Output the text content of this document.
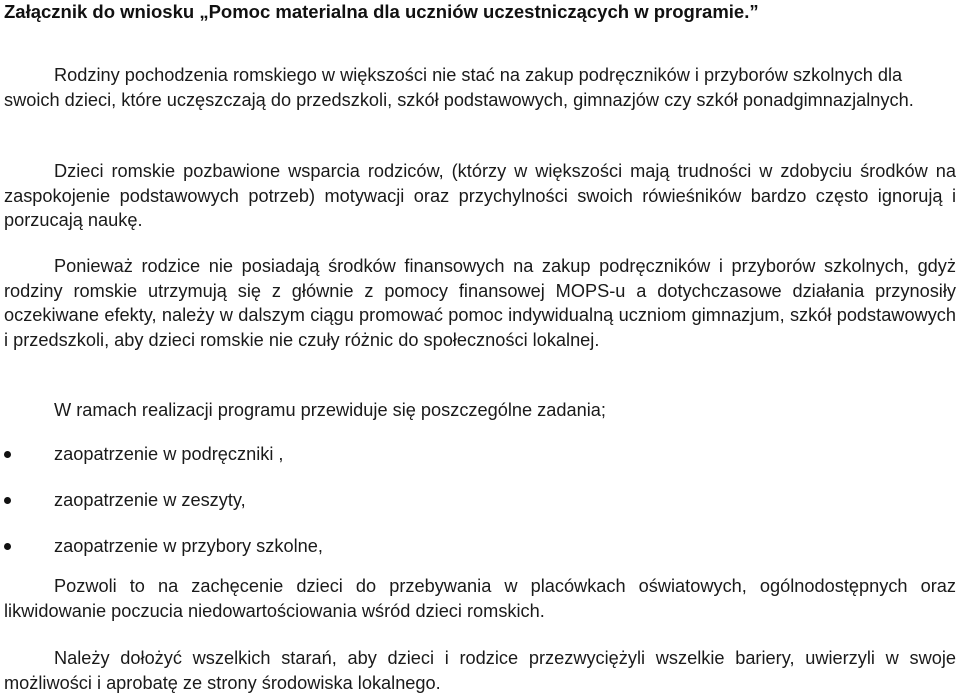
Załącznik do wniosku „Pomoc materialna dla uczniów uczestniczących w programie.”

Rodziny pochodzenia romskiego w większości nie stać na zakup podręczników i przyborów szkolnych dla swoich dzieci, które uczęszczają do przedszkoli, szkół podstawowych, gimnazjów czy szkół ponadgimnazjalnych.

Dzieci romskie pozbawione wsparcia rodziców, (którzy w większości mają trudności w zdobyciu środków na zaspokojenie podstawowych potrzeb) motywacji oraz przychylności swoich rówieśników bardzo często ignorują i porzucają naukę.

Ponieważ rodzice nie posiadają środków finansowych na zakup podręczników i przyborów szkolnych, gdyż rodziny romskie utrzymują się z głównie z pomocy finansowej MOPS-u a dotychczasowe działania przynosiły oczekiwane efekty, należy w dalszym ciągu promować pomoc indywidualną uczniom gimnazjum, szkół podstawowych i przedszkoli, aby dzieci romskie nie czuły różnic do społeczności lokalnej.

W ramach realizacji programu przewiduje się poszczególne zadania;

zaopatrzenie w podręczniki ,
zaopatrzenie w zeszyty,
zaopatrzenie w przybory szkolne,

Pozwoli to na zachęcenie dzieci do przebywania w placówkach oświatowych, ogólnodostępnych oraz likwidowanie poczucia niedowartościowania wśród dzieci romskich.

Należy dołożyć wszelkich starań, aby dzieci i rodzice przezwyciężyli wszelkie bariery, uwierzyli w swoje możliwości i aprobatę ze strony środowiska lokalnego.
